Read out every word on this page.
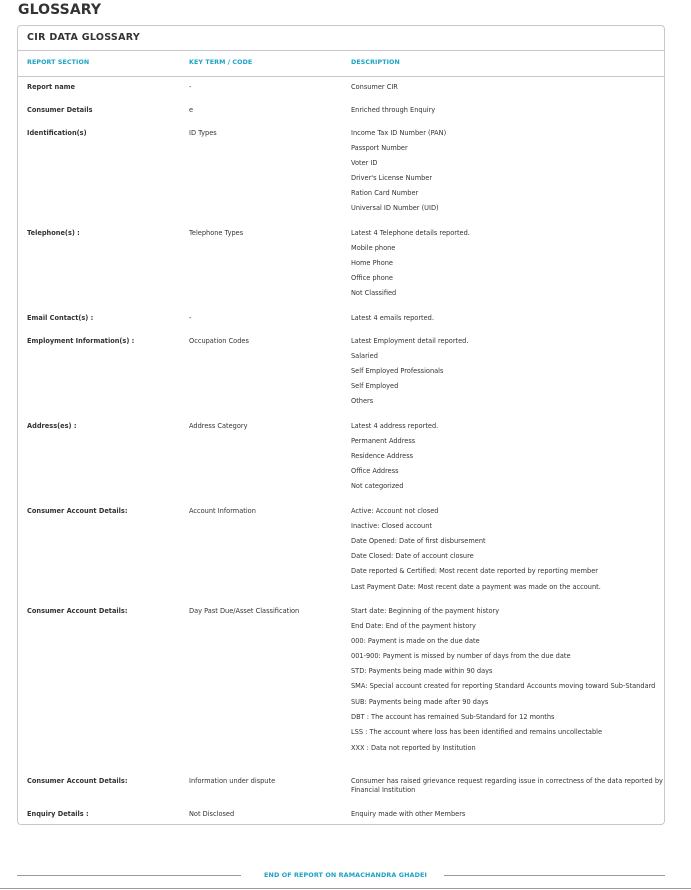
GLOSSARY
CIR DATA GLOSSARY
REPORT SECTION	KEY TERM / CODE	DESCRIPTION
Report name	-	Consumer CIR
Consumer Details	e	Enriched through Enquiry
Identification(s)	ID Types	Income Tax ID Number (PAN)
Passport Number
Voter ID
Driver's License Number
Ration Card Number
Universal ID Number (UID)
Telephone(s) :	Telephone Types	Latest 4 Telephone details reported.
Mobile phone
Home Phone
Office phone
Not Classified
Email Contact(s) :	-	Latest 4 emails reported.
Employment Information(s) :	Occupation Codes	Latest Employment detail reported.
Salaried
Self Employed Professionals
Self Employed
Others
Address(es) :	Address Category	Latest 4 address reported.
Permanent Address
Residence Address
Office Address
Not categorized
Consumer Account Details:	Account Information	Active: Account not closed
Inactive: Closed account
Date Opened: Date of first disbursement
Date Closed: Date of account closure
Date reported & Certified: Most recent date reported by reporting member
Last Payment Date: Most recent date a payment was made on the account.
Consumer Account Details:	Day Past Due/Asset Classification	Start date: Beginning of the payment history
End Date: End of the payment history
000: Payment is made on the due date
001-900: Payment is missed by number of days from the due date
STD: Payments being made within 90 days
SMA: Special account created for reporting Standard Accounts moving toward Sub-Standard
SUB: Payments being made after 90 days
DBT : The account has remained Sub-Standard for 12 months
LSS : The account where loss has been identified and remains uncollectable
XXX : Data not reported by Institution
Consumer Account Details:	Information under dispute	Consumer has raised grievance request regarding issue in correctness of the data reported by Financial Institution
Enquiry Details :	Not Disclosed	Enquiry made with other Members
END OF REPORT ON RAMACHANDRA GHADEI
